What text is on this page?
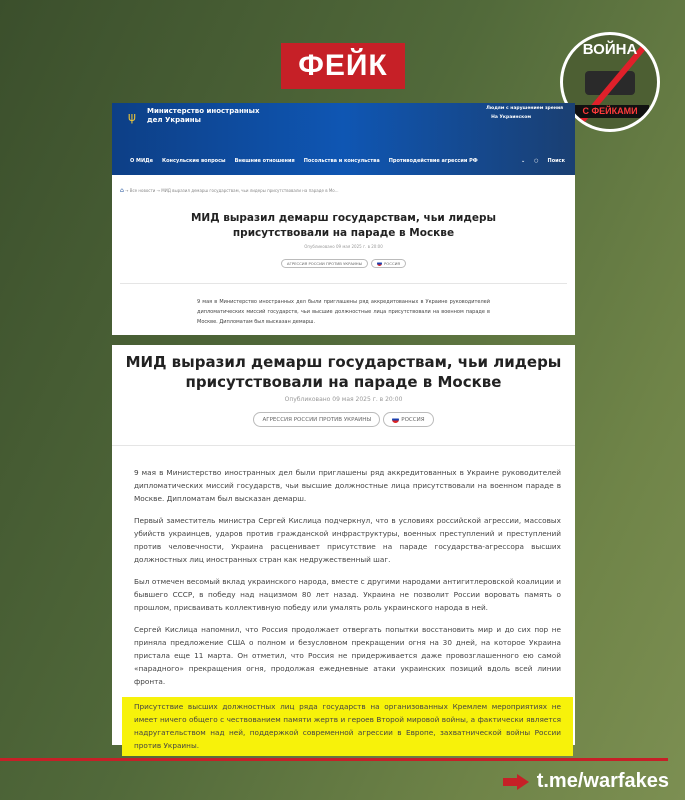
ФЕЙК	ВОЙНА
С ФЕЙКАМИ
ψ Министерство иностранных
дел Украины
Людям с нарушением зрения
На Украинском
О МИДе Консульские вопросы Внешние отношения Посольства и консульства Противодействие агрессии РФ	⌄ ○ Поиск
⌂ → Все новости → МИД выразил демарш государствам, чьи лидеры присутствовали на параде в Мо...
МИД выразил демарш государствам, чьи лидеры
присутствовали на параде в Москве
Опубликовано 09 мая 2025 г. в 20:00
АГРЕССИЯ РОССИИ ПРОТИВ УКРАИНЫ	РОССИЯ
9 мая в Министерство иностранных дел были приглашены ряд аккредитованных в Украине руководителей дипломатических миссий государств, чьи высшие должностные лица присутствовали на военном параде в Москве. Дипломатам был высказан демарш.
МИД выразил демарш государствам, чьи лидеры
присутствовали на параде в Москве
Опубликовано 09 мая 2025 г. в 20:00
АГРЕССИЯ РОССИИ ПРОТИВ УКРАИНЫ	РОССИЯ

9 мая в Министерство иностранных дел были приглашены ряд аккредитованных в Украине руководителей дипломатических миссий государств, чьи высшие должностные лица присутствовали на военном параде в Москве. Дипломатам был высказан демарш.

Первый заместитель министра Сергей Кислица подчеркнул, что в условиях российской агрессии, массовых убийств украинцев, ударов против гражданской инфраструктуры, военных преступлений и преступлений против человечности, Украина расценивает присутствие на параде государства-агрессора высших должностных лиц иностранных стран как недружественный шаг.

Был отмечен весомый вклад украинского народа, вместе с другими народами антигитлеровской коалиции и бывшего СССР, в победу над нацизмом 80 лет назад. Украина не позволит России воровать память о прошлом, присваивать коллективную победу или умалять роль украинского народа в ней.

Сергей Кислица напомнил, что Россия продолжает отвергать попытки восстановить мир и до сих пор не приняла предложение США о полном и безусловном прекращении огня на 30 дней, на которое Украина пристала еще 11 марта. Он отметил, что Россия не придерживается даже провозглашенного ею самой «парадного» прекращения огня, продолжая ежедневные атаки украинских позиций вдоль всей линии фронта.

Присутствие высших должностных лиц ряда государств на организованных Кремлем мероприятиях не имеет ничего общего с чествованием памяти жертв и героев Второй мировой войны, а фактически является надругательством над ней, поддержкой современной агрессии в Европе, захватнической войны России против Украины.

t.me/warfakes
